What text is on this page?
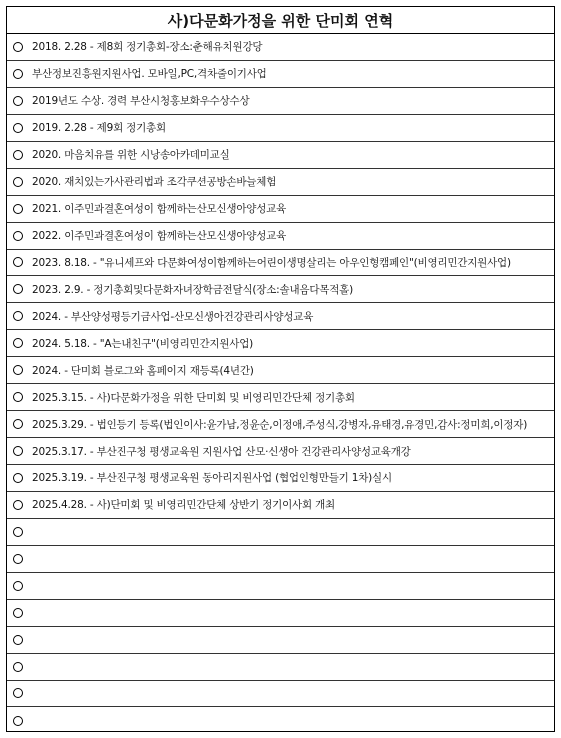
사)다문화가정을 위한 단미회 연혁
2018. 2.28 - 제8회 정기총회-장소:춘해유치원강당
부산정보진흥원지원사업. 모바일,PC,격차줄이기사업
2019년도 수상. 경력 부산시청홍보화우수상수상
2019. 2.28 - 제9회 정기총회
2020. 마음치유를 위한 시낭송아카데미교실
2020. 재치있는가사관리법과 조각쿠션공방손바늘체험
2021. 이주민과결혼여성이 함께하는산모신생아양성교육
2022. 이주민과결혼여성이 함께하는산모신생아양성교육
2023. 8.18. - "유니세프와 다문화여성이함께하는어린이생명살리는 아우인형캠페인"(비영리민간지원사업)
2023. 2.9. - 정기총회및다문화자녀장학금전달식(장소:솔내음다목적홀)
2024. - 부산양성평등기금사업-산모신생아건강관리사양성교육
2024. 5.18. - "A는내친구"(비영리민간지원사업)
2024. - 단미회 블로그와 홈페이지 재등록(4년간)
2025.3.15. - 사)다문화가정을 위한 단미회 및 비영리민간단체 정기총회
2025.3.29. - 법인등기 등록(법인이사:윤가남,정윤순,이정애,주성식,강병자,유태경,유경민,감사:정미희,이정자)
2025.3.17. - 부산진구청 평생교육원 지원사업 산모·신생아 건강관리사양성교육개강
2025.3.19. - 부산진구청 평생교육원 동아리지원사업 (협업인형만들기 1차)실시
2025.4.28. - 사)단미회 및 비영리민간단체 상반기 정기이사회 개최
